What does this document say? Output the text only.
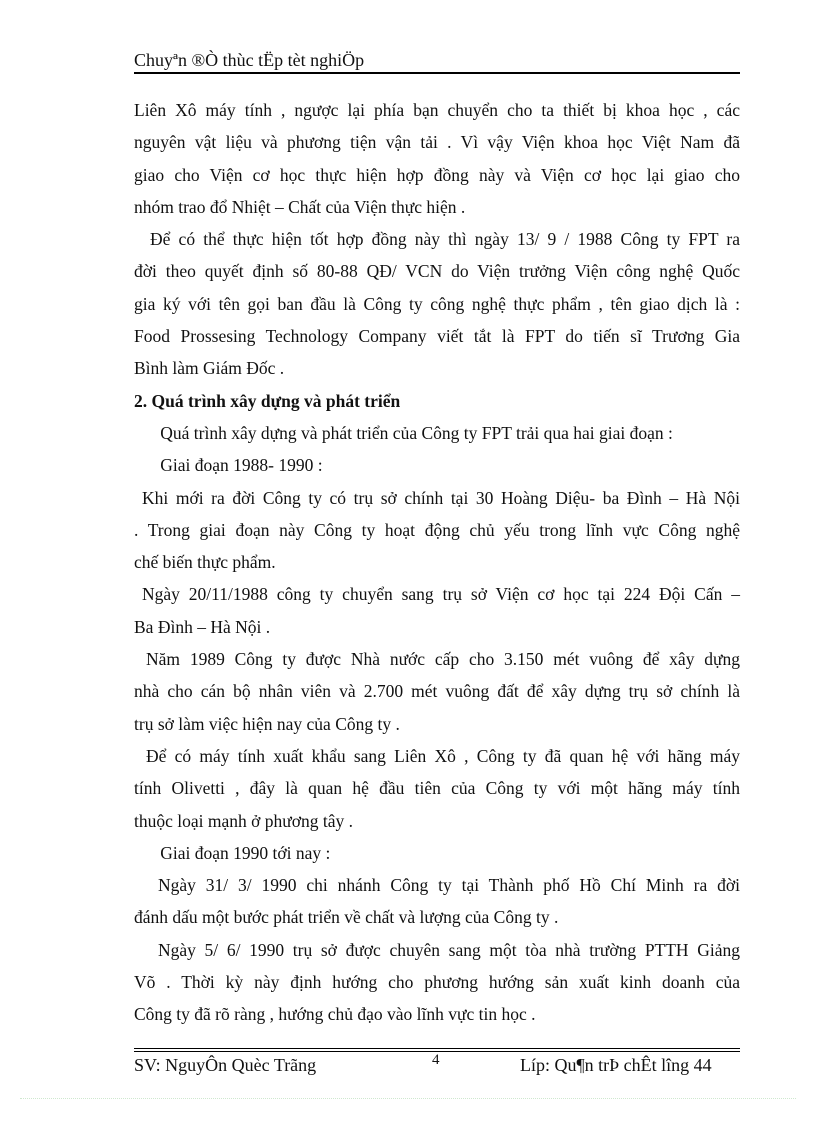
Chuyªn ®Ò thùc tËp tèt nghiÖp
Liên Xô máy tính , ngược lại phía bạn chuyển cho ta thiết bị khoa học , các
nguyên vật liệu và phương tiện vận tải . Vì vậy Viện khoa học Việt Nam đã
giao cho Viện cơ học thực hiện hợp đồng này và Viện cơ học lại giao cho
nhóm trao đổ Nhiệt – Chất của Viện thực hiện .
Để có thể thực hiện tốt hợp đồng này thì ngày 13/ 9 / 1988 Công ty FPT ra
đời theo quyết định số 80-88 QĐ/ VCN do Viện trưởng Viện công nghệ Quốc
gia ký với tên gọi ban đầu là Công ty công nghệ thực phẩm , tên giao dịch là :
Food Prossesing Technology Company viết tắt là FPT do tiến sĩ Trương Gia
Bình làm Giám Đốc .
2. Quá trình xây dựng và phát triển
Quá trình xây dựng và phát triển của Công ty FPT trải qua hai giai đoạn :
Giai đoạn 1988- 1990 :
Khi mới ra đời Công ty có trụ sở chính tại 30 Hoàng Diệu- ba Đình – Hà Nội
. Trong giai đoạn này Công ty hoạt động chủ yếu trong lĩnh vực Công nghệ
chế biến thực phẩm.
Ngày 20/11/1988 công ty chuyển sang trụ sở Viện cơ học tại 224 Đội Cấn –
Ba Đình – Hà Nội .
Năm 1989 Công ty được Nhà nước cấp cho 3.150 mét vuông để xây dựng
nhà cho cán bộ nhân viên và 2.700 mét vuông đất để xây dựng trụ sở chính là
trụ sở làm việc hiện nay của Công ty .
Để có máy tính xuất khẩu sang Liên Xô , Công ty đã quan hệ với hãng máy
tính Olivetti , đây là quan hệ đầu tiên của Công ty với một hãng máy tính
thuộc loại mạnh ở phương tây .
Giai đoạn 1990 tới nay :
Ngày 31/ 3/ 1990 chi nhánh Công ty tại Thành phố Hồ Chí Minh ra đời
đánh dấu một bước phát triển về chất và lượng của Công ty .
Ngày 5/ 6/ 1990 trụ sở được chuyên sang một tòa nhà trường PTTH Giảng
Võ . Thời kỳ này định hướng cho phương hướng sản xuất kinh doanh của
Công ty đã rõ ràng , hướng chủ đạo vào lĩnh vực tin học .
SV: NguyÔn Quèc Trãng	4	Líp: Qu¶n trÞ chÊt lîng 44
